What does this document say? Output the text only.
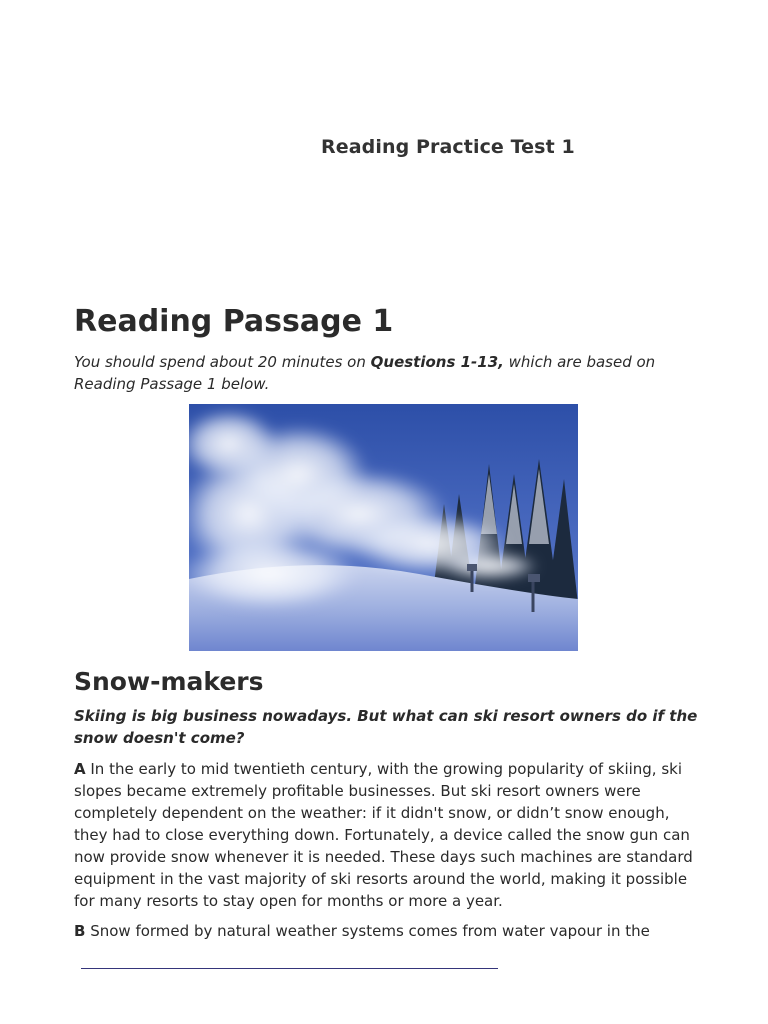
Reading Practice Test 1
Reading Passage 1
You should spend about 20 minutes on Questions 1-13, which are based on Reading Passage 1 below.
Snow-makers
Skiing is big business nowadays. But what can ski resort owners do if the snow doesn't come?
A In the early to mid twentieth century, with the growing popularity of skiing, ski slopes became extremely profitable businesses. But ski resort owners were completely dependent on the weather: if it didn't snow, or didn’t snow enough, they had to close everything down. Fortunately, a device called the snow gun can now provide snow whenever it is needed. These days such machines are standard equipment in the vast majority of ski resorts around the world, making it possible for many resorts to stay open for months or more a year.
B Snow formed by natural weather systems comes from water vapour in the
